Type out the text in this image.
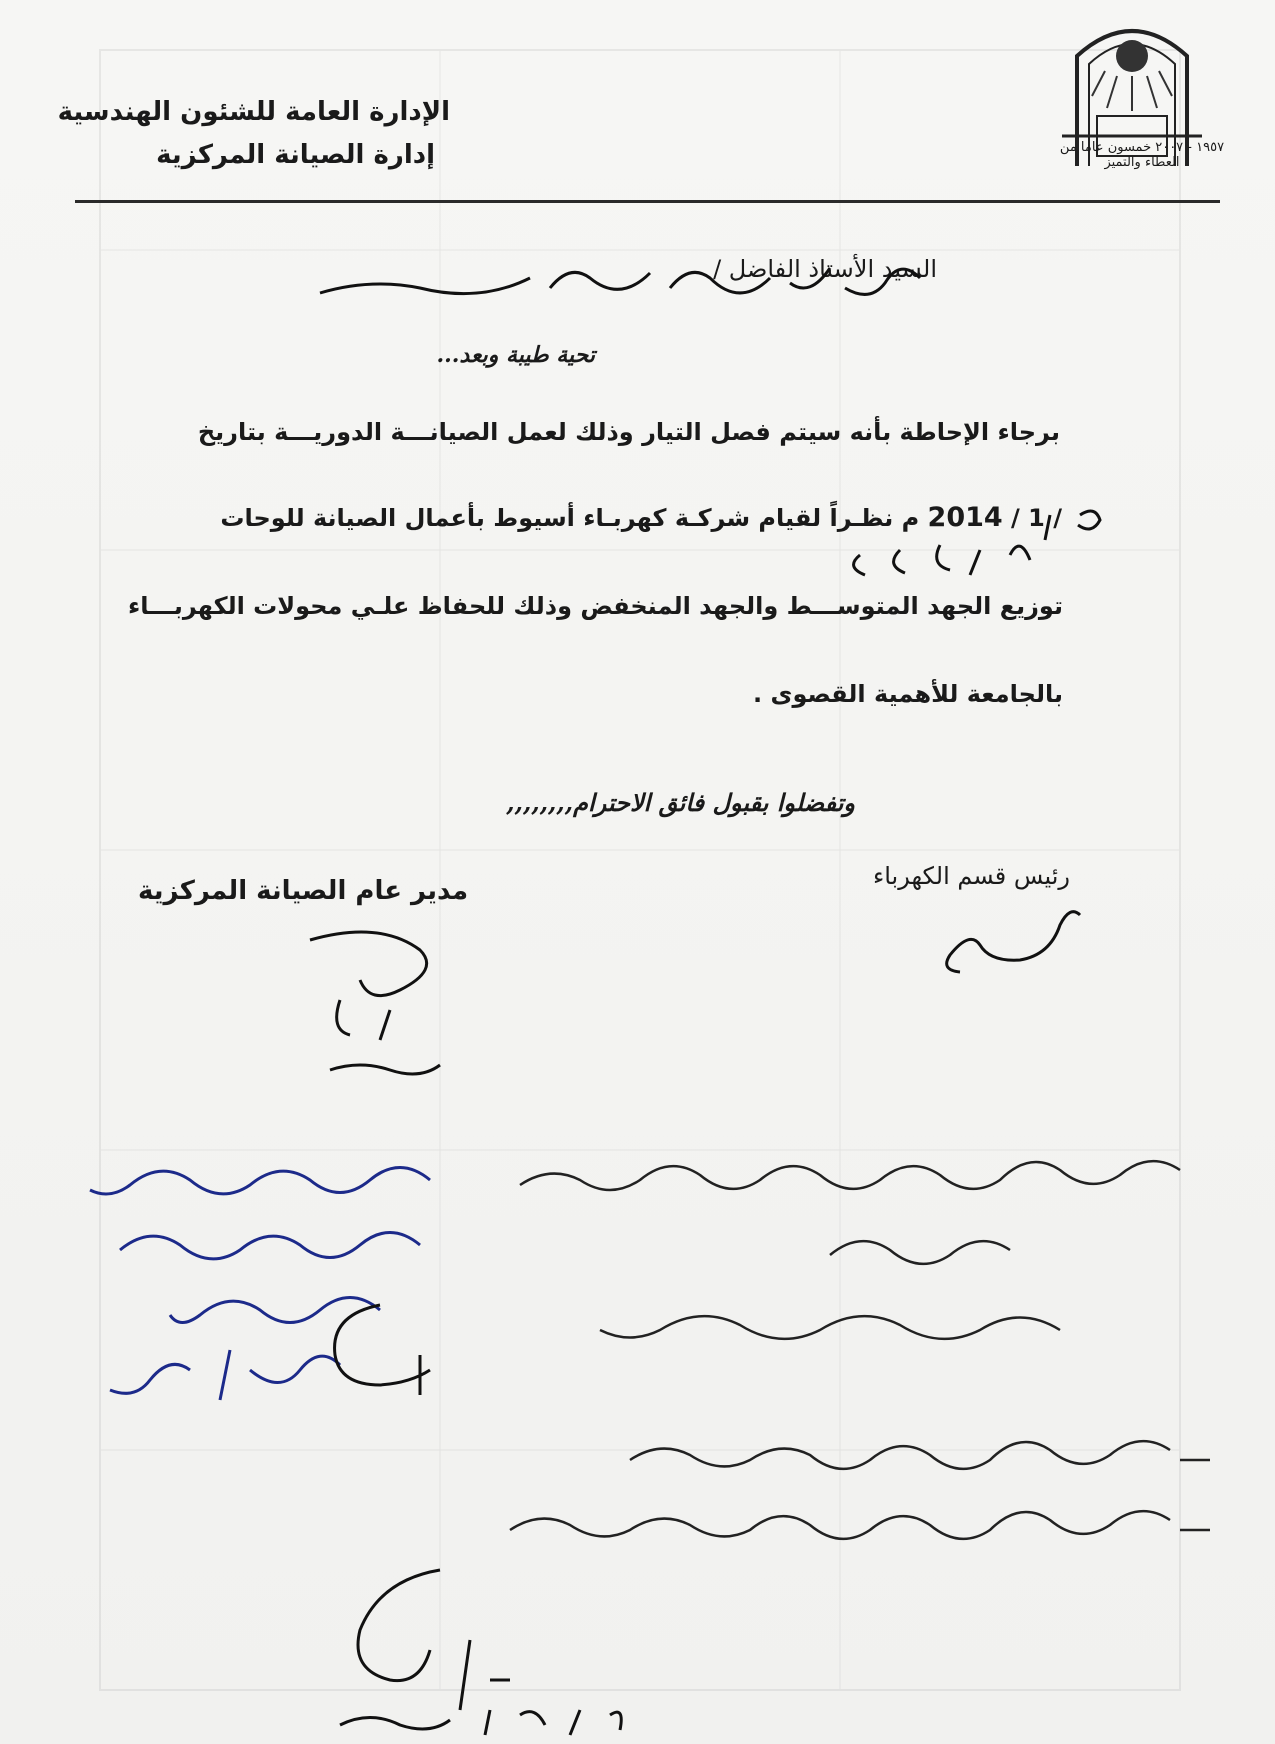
١٩٥٧ - ٢٠٠٧ خمسون عاما من العطاء والتميز
الإدارة العامة للشئون الهندسية
إدارة الصيانة المركزية
السيد الأستاذ الفاضل /
تحية طيبة وبعد...
برجاء الإحاطة بأنه سيتم فصل التيار وذلك لعمل الصيانـــة الدوريـــة بتاريخ
/ 1 / 2014 م نظـراً لقيام شركـة كهربـاء أسيوط بأعمال الصيانة للوحات
توزيع الجهد المتوســـط والجهد المنخفض وذلك للحفاظ علـي محولات الكهربـــاء
بالجامعة للأهمية القصوى .
وتفضلوا بقبول فائق الاحترام,,,,,,,,
مدير عام الصيانة المركزية	رئيس قسم الكهرباء
